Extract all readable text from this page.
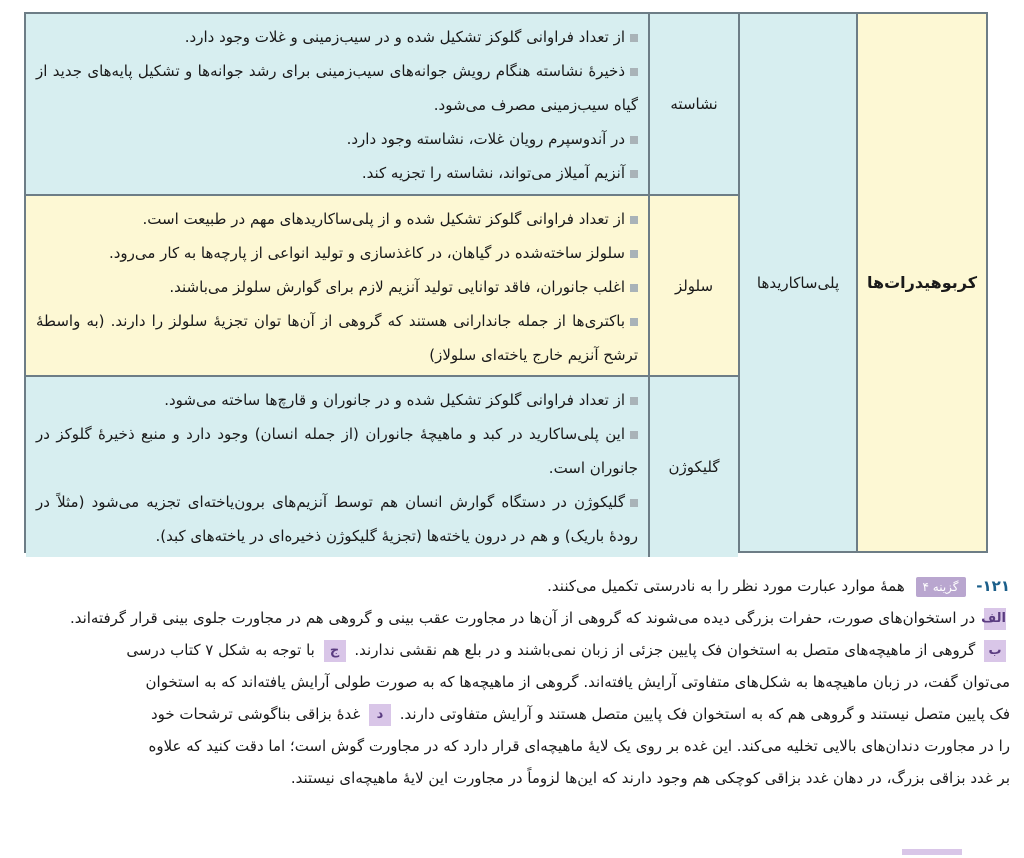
کربوهیدرات‌ها
پلی‌ساکاریدها
نشاسته
از تعداد فراوانی گلوکز تشکیل شده و در سیب‌زمینی و غلات وجود دارد.
ذخیرهٔ نشاسته هنگام رویش جوانه‌های سیب‌زمینی برای رشد جوانه‌ها و تشکیل پایه‌های جدید از گیاه سیب‌زمینی مصرف می‌شود.
در آندوسپرم رویان غلات، نشاسته وجود دارد.
آنزیم آمیلاز می‌تواند، نشاسته را تجزیه کند.
سلولز
از تعداد فراوانی گلوکز تشکیل شده و از پلی‌ساکاریدهای مهم در طبیعت است.
سلولز ساخته‌شده در گیاهان، در کاغذسازی و تولید انواعی از پارچه‌ها به کار می‌رود.
اغلب جانوران، فاقد توانایی تولید آنزیم لازم برای گوارش سلولز می‌باشند.
باکتری‌ها از جمله جاندارانی هستند که گروهی از آن‌ها توان تجزیهٔ سلولز را دارند. (به واسطهٔ ترشح آنزیم خارج یاخته‌ای سلولاز)
گلیکوژن
از تعداد فراوانی گلوکز تشکیل شده و در جانوران و قارچ‌ها ساخته می‌شود.
این پلی‌ساکارید در کبد و ماهیچهٔ جانوران (از جمله انسان) وجود دارد و منبع ذخیرهٔ گلوکز در جانوران است.
گلیکوژن در دستگاه گوارش انسان هم توسط آنزیم‌های برون‌یاخته‌ای تجزیه می‌شود (مثلاً در رودهٔ باریک) و هم در درون یاخته‌ها (تجزیهٔ گلیکوژن ذخیره‌ای در یاخته‌های کبد).
۱۲۱- گزینه ۴ همهٔ موارد عبارت مورد نظر را به نادرستی تکمیل می‌کنند.
الف در استخوان‌های صورت، حفرات بزرگی دیده می‌شوند که گروهی از آن‌ها در مجاورت عقب بینی و گروهی هم در مجاورت جلوی بینی قرار گرفته‌اند.
ب گروهی از ماهیچه‌های متصل به استخوان فک پایین جزئی از زبان نمی‌باشند و در بلع هم نقشی ندارند. ج با توجه به شکل ۷ کتاب درسی
می‌توان گفت، در زبان ماهیچه‌ها به شکل‌های متفاوتی آرایش یافته‌اند. گروهی از ماهیچه‌ها که به صورت طولی آرایش یافته‌اند که به استخوان
فک پایین متصل نیستند و گروهی هم که به استخوان فک پایین متصل هستند و آرایش متفاوتی دارند. د غدهٔ بزاقی بناگوشی ترشحات خود
را در مجاورت دندان‌های بالایی تخلیه می‌کند. این غده بر روی یک لایهٔ ماهیچه‌ای قرار دارد که در مجاورت گوش است؛ اما دقت کنید که علاوه
بر غدد بزاقی بزرگ، در دهان غدد بزاقی کوچکی هم وجود دارند که این‌ها لزوماً در مجاورت این لایهٔ ماهیچه‌ای نیستند.
